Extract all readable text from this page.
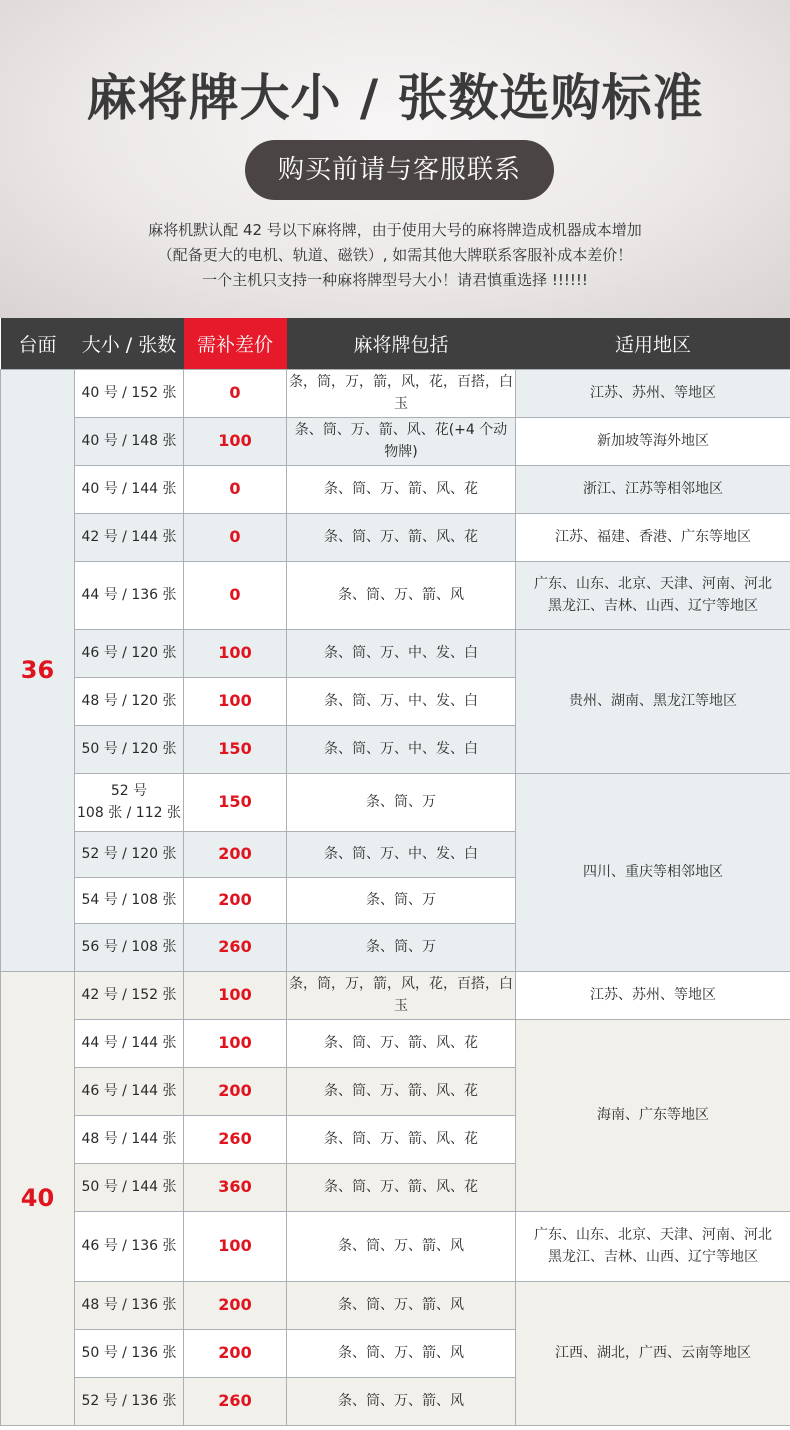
麻将牌大小 / 张数选购标准
购买前请与客服联系
麻将机默认配 42 号以下麻将牌，由于使用大号的麻将牌造成机器成本增加
（配备更大的电机、轨道、磁铁）, 如需其他大牌联系客服补成本差价！
一个主机只支持一种麻将牌型号大小！请君慎重选择 !!!!!!
台面	大小 / 张数	需补差价	麻将牌包括	适用地区
36	40 号 / 152 张	0	条，筒，万，箭，风，花，百搭，白玉	江苏、苏州、等地区
	40 号 / 148 张	100	条、筒、万、箭、风、花(+4 个动物牌)	新加坡等海外地区
	40 号 / 144 张	0	条、筒、万、箭、风、花	浙江、江苏等相邻地区
	42 号 / 144 张	0	条、筒、万、箭、风、花	江苏、福建、香港、广东等地区
	44 号 / 136 张	0	条、筒、万、箭、风	广东、山东、北京、天津、河南、河北
黑龙江、吉林、山西、辽宁等地区

	46 号 / 120 张	100	条、筒、万、中、发、白	贵州、湖南、黑龙江等地区
	48 号 / 120 张	100	条、筒、万、中、发、白	
	50 号 / 120 张	150	条、筒、万、中、发、白	

	52 号
108 张 / 112 张	150	条、筒、万	四川、重庆等相邻地区
	52 号 / 120 张	200	条、筒、万、中、发、白	
	54 号 / 108 张	200	条、筒、万	
	56 号 / 108 张	260	条、筒、万	
40	42 号 / 152 张	100	条，筒，万，箭，风，花，百搭，白玉	江苏、苏州、等地区
	44 号 / 144 张	100	条、筒、万、箭、风、花	海南、广东等地区
	46 号 / 144 张	200	条、筒、万、箭、风、花	
	48 号 / 144 张	260	条、筒、万、箭、风、花	
	50 号 / 144 张	360	条、筒、万、箭、风、花	
	46 号 / 136 张	100	条、筒、万、箭、风	广东、山东、北京、天津、河南、河北
黑龙江、吉林、山西、辽宁等地区

	48 号 / 136 张	200	条、筒、万、箭、风	江西、湖北，广西、云南等地区
	50 号 / 136 张	200	条、筒、万、箭、风	
	52 号 / 136 张	260	条、筒、万、箭、风	
